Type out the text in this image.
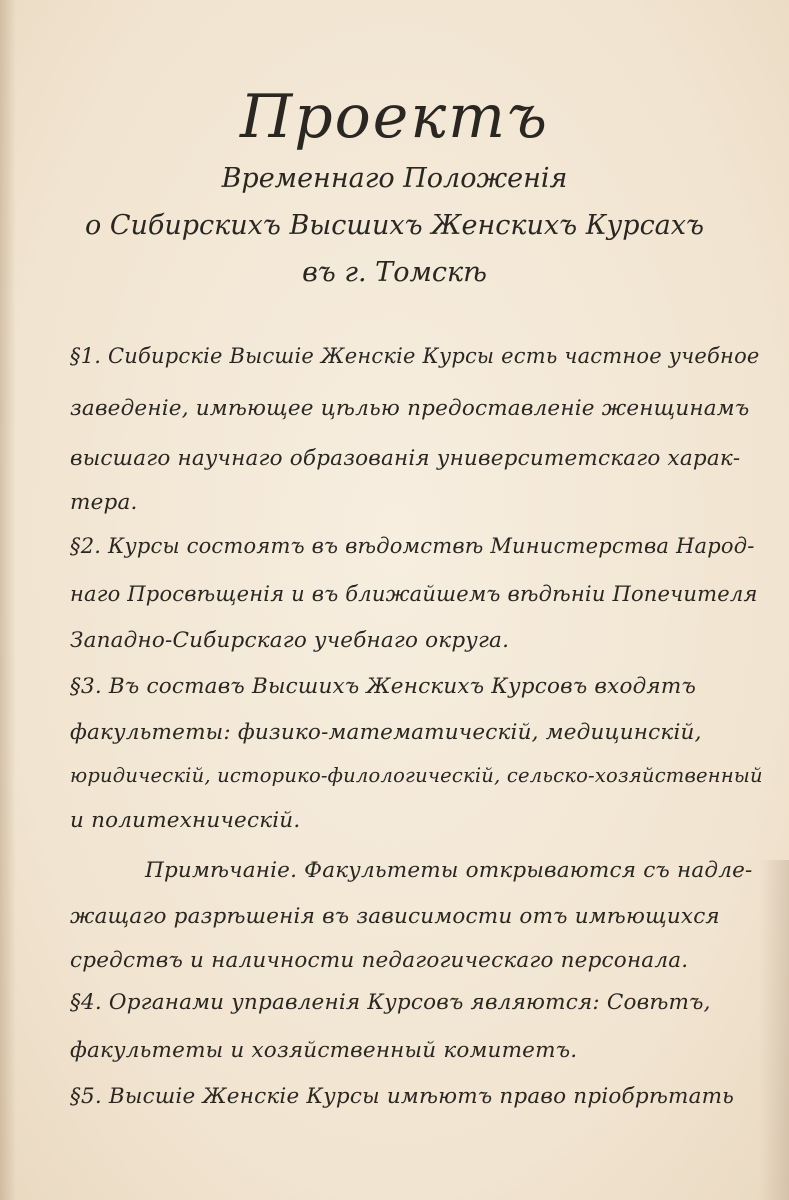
Проектъ
Временнаго Положенія
о Сибирскихъ Высшихъ Женскихъ Курсахъ
въ г. Томскѣ
§1. Сибирскіе Высшіе Женскіе Курсы есть частное учебное
заведеніе, имѣющее цѣлью предоставленіе женщинамъ
высшаго научнаго образованія университетскаго харак-
тера.
§2. Курсы состоятъ въ вѣдомствѣ Министерства Народ-
наго Просвѣщенія и въ ближайшемъ вѣдѣніи Попечителя
Западно-Сибирскаго учебнаго округа.
§3. Въ составъ Высшихъ Женскихъ Курсовъ входятъ
факультеты: физико-математическій, медицинскій,
юридическій, историко-филологическій, сельско-хозяйственный
и политехническій.
Примѣчаніе. Факультеты открываются съ надле-
жащаго разрѣшенія въ зависимости отъ имѣющихся
средствъ и наличности педагогическаго персонала.
§4. Органами управленія Курсовъ являются: Совѣтъ,
факультеты и хозяйственный комитетъ.
§5. Высшіе Женскіе Курсы имѣютъ право пріобрѣтать
